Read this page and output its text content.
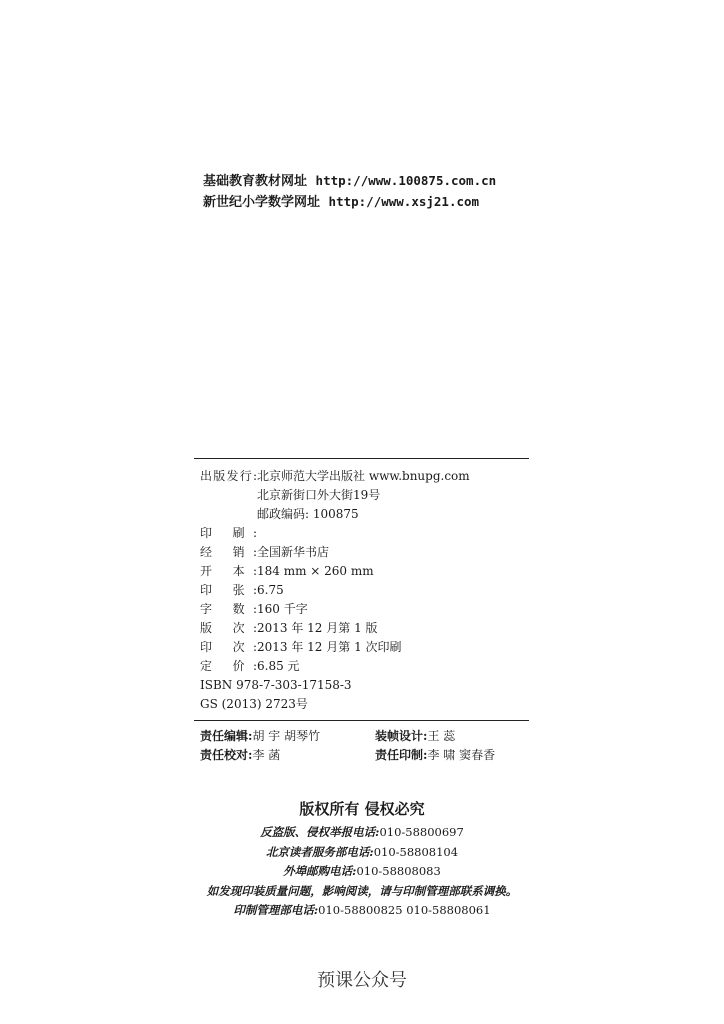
基础教育教材网址 http://www.100875.com.cn
新世纪小学数学网址 http://www.xsj21.com
出版发行: 北京师范大学出版社 www.bnupg.com
北京新街口外大街19号
邮政编码: 100875
印 刷:
经 销: 全国新华书店
开 本: 184 mm × 260 mm
印 张: 6.75
字 数: 160 千字
版 次: 2013 年 12 月第 1 版
印 次: 2013 年 12 月第 1 次印刷
定 价: 6.85 元
ISBN 978-7-303-17158-3
GS (2013) 2723号
责任编辑: 胡 宇 胡琴竹	装帧设计: 王 蕊
责任校对: 李 菡	责任印制: 李 啸 窦春香
版权所有 侵权必究
反盗版、侵权举报电话:010-58800697
北京读者服务部电话:010-58808104
外埠邮购电话:010-58808083
如发现印装质量问题，影响阅读，请与印制管理部联系调换。
印制管理部电话:010-58800825 010-58808061
预课公众号
